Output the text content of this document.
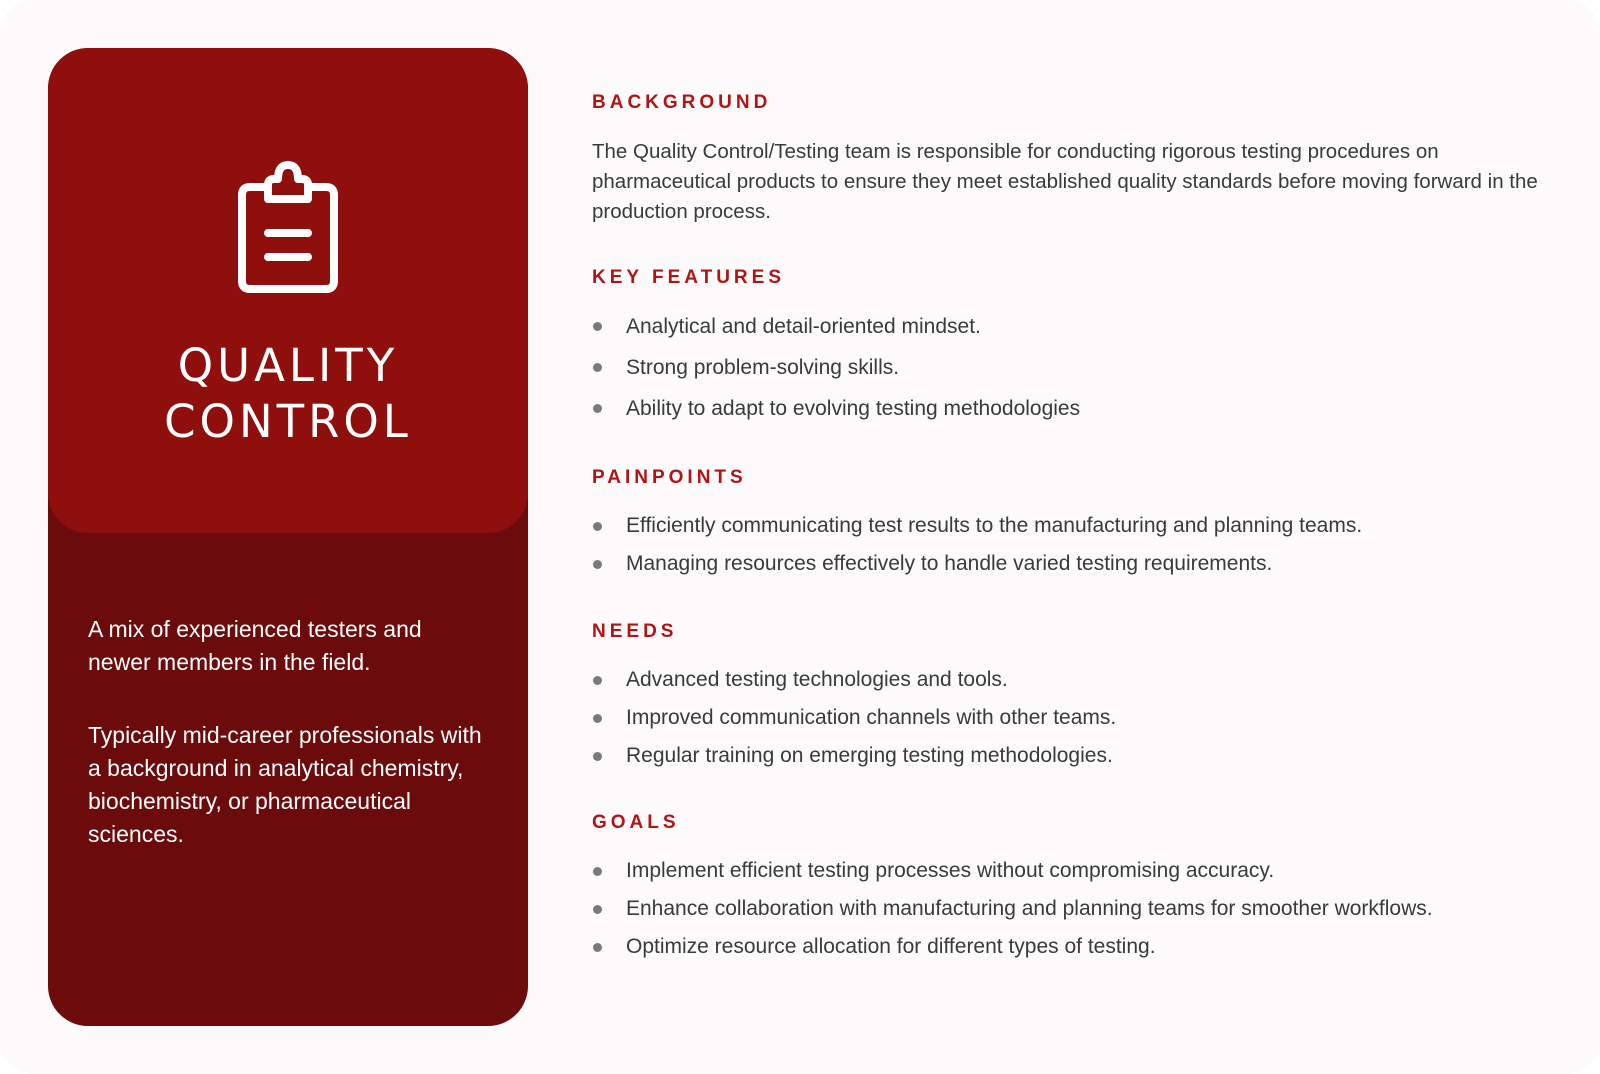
QUALITY
CONTROL

A mix of experienced testers and newer members in the field.

Typically mid-career professionals with a background in analytical chemistry, biochemistry, or pharmaceutical sciences.

BACKGROUND

The Quality Control/Testing team is responsible for conducting rigorous testing procedures on pharmaceutical products to ensure they meet established quality standards before moving forward in the production process.

KEY FEATURES
Analytical and detail-oriented mindset.
Strong problem-solving skills.
Ability to adapt to evolving testing methodologies
PAINPOINTS
Efficiently communicating test results to the manufacturing and planning teams.
Managing resources effectively to handle varied testing requirements.
NEEDS
Advanced testing technologies and tools.
Improved communication channels with other teams.
Regular training on emerging testing methodologies.
GOALS
Implement efficient testing processes without compromising accuracy.
Enhance collaboration with manufacturing and planning teams for smoother workflows.
Optimize resource allocation for different types of testing.
